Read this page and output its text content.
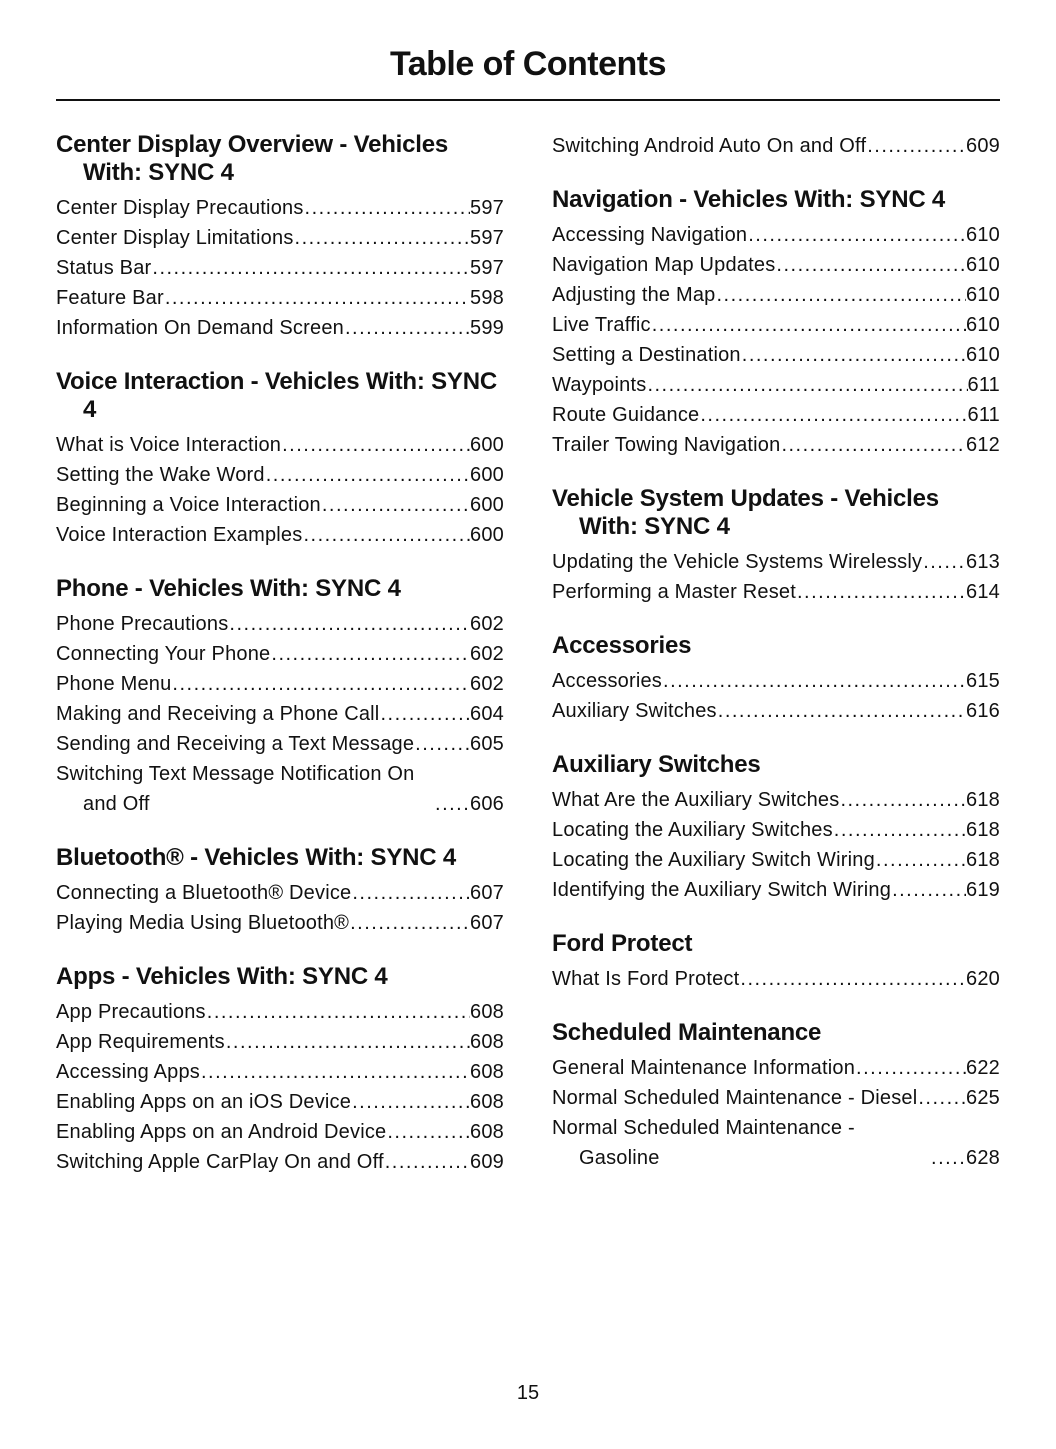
Table of Contents
Center Display Overview - Vehicles With: SYNC 4
Center Display Precautions .....	597
Center Display Limitations .....	597
Status Bar .....	597
Feature Bar .....	598
Information On Demand Screen .....	599
Voice Interaction - Vehicles With: SYNC 4
What is Voice Interaction .....	600
Setting the Wake Word .....	600
Beginning a Voice Interaction .....	600
Voice Interaction Examples .....	600
Phone - Vehicles With: SYNC 4
Phone Precautions .....	602
Connecting Your Phone .....	602
Phone Menu .....	602
Making and Receiving a Phone Call .....	604
Sending and Receiving a Text Message .....	605
Switching Text Message Notification On and Off .....	606
Bluetooth® - Vehicles With: SYNC 4
Connecting a Bluetooth® Device .....	607
Playing Media Using Bluetooth® .....	607
Apps - Vehicles With: SYNC 4
App Precautions .....	608
App Requirements .....	608
Accessing Apps .....	608
Enabling Apps on an iOS Device .....	608
Enabling Apps on an Android Device .....	608
Switching Apple CarPlay On and Off .....	609
Switching Android Auto On and Off .....	609
Navigation - Vehicles With: SYNC 4
Accessing Navigation .....	610
Navigation Map Updates .....	610
Adjusting the Map .....	610
Live Traffic .....	610
Setting a Destination .....	610
Waypoints .....	611
Route Guidance .....	611
Trailer Towing Navigation .....	612
Vehicle System Updates - Vehicles With: SYNC 4
Updating the Vehicle Systems Wirelessly ..... 613
Performing a Master Reset .....	614
Accessories
Accessories .....	615
Auxiliary Switches .....	616
Auxiliary Switches
What Are the Auxiliary Switches .....	618
Locating the Auxiliary Switches .....	618
Locating the Auxiliary Switch Wiring .....	618
Identifying the Auxiliary Switch Wiring .....	619
Ford Protect
What Is Ford Protect .....	620
Scheduled Maintenance
General Maintenance Information .....	622
Normal Scheduled Maintenance - Diesel ..... 625
Normal Scheduled Maintenance - Gasoline .....	628
15
